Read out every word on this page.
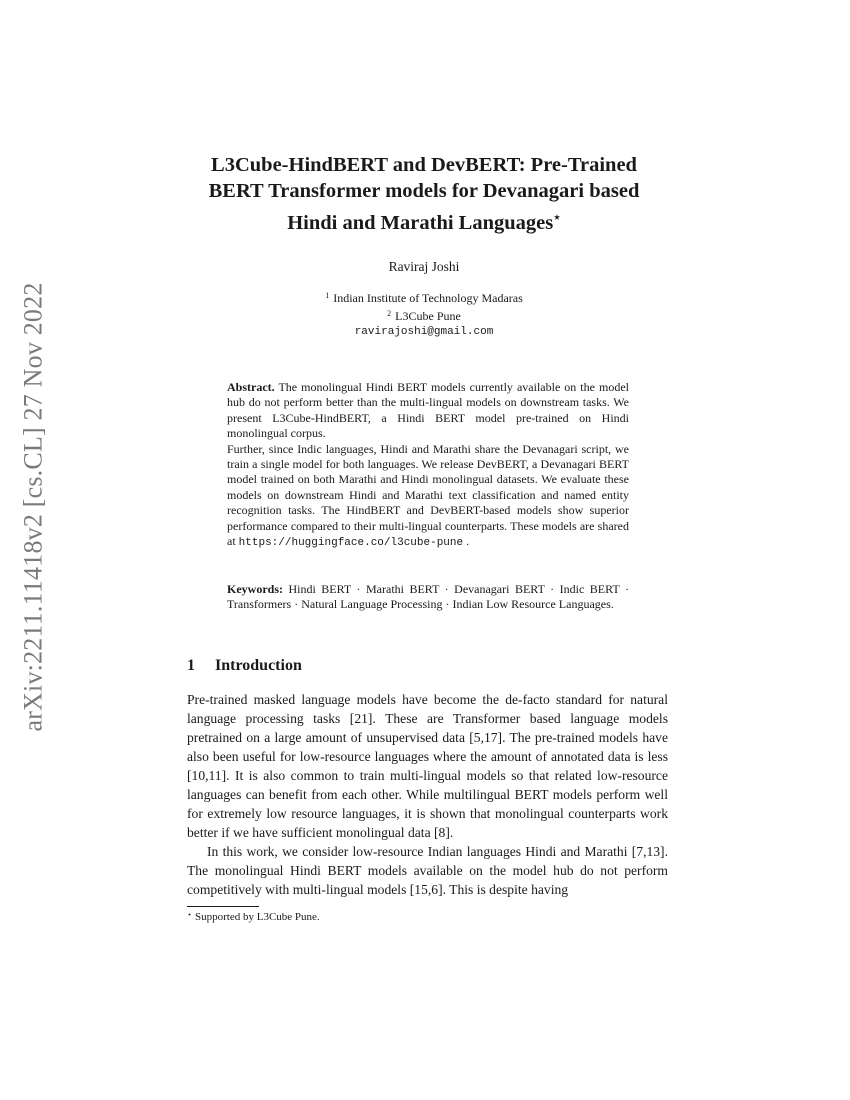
arXiv:2211.11418v2 [cs.CL] 27 Nov 2022
L3Cube-HindBERT and DevBERT: Pre-Trained
BERT Transformer models for Devanagari based
Hindi and Marathi Languages⋆
Raviraj Joshi
$^1$ Indian Institute of Technology Madaras
$^2$ L3Cube Pune
ravirajoshi@gmail.com

Abstract. The monolingual Hindi BERT models currently available on the model hub do not perform better than the multi-lingual models on downstream tasks. We present L3Cube-HindBERT, a Hindi BERT model pre-trained on Hindi monolingual corpus.

Further, since Indic languages, Hindi and Marathi share the Devanagari script, we train a single model for both languages. We release DevBERT, a Devanagari BERT model trained on both Marathi and Hindi monolingual datasets. We evaluate these models on downstream Hindi and Marathi text classification and named entity recognition tasks. The HindBERT and DevBERT-based models show superior performance compared to their multi-lingual counterparts. These models are shared at https://huggingface.co/l3cube-pune .

Keywords: Hindi BERT · Marathi BERT · Devanagari BERT · Indic BERT · Transformers · Natural Language Processing · Indian Low Resource Languages.
1 Introduction

Pre-trained masked language models have become the de-facto standard for natural language processing tasks [21]. These are Transformer based language models pretrained on a large amount of unsupervised data [5,17]. The pre-trained models have also been useful for low-resource languages where the amount of annotated data is less [10,11]. It is also common to train multi-lingual models so that related low-resource languages can benefit from each other. While multilingual BERT models perform well for extremely low resource languages, it is shown that monolingual counterparts work better if we have sufficient monolingual data [8].

In this work, we consider low-resource Indian languages Hindi and Marathi [7,13]. The monolingual Hindi BERT models available on the model hub do not perform competitively with multi-lingual models [15,6]. This is despite having

⋆ Supported by L3Cube Pune.
